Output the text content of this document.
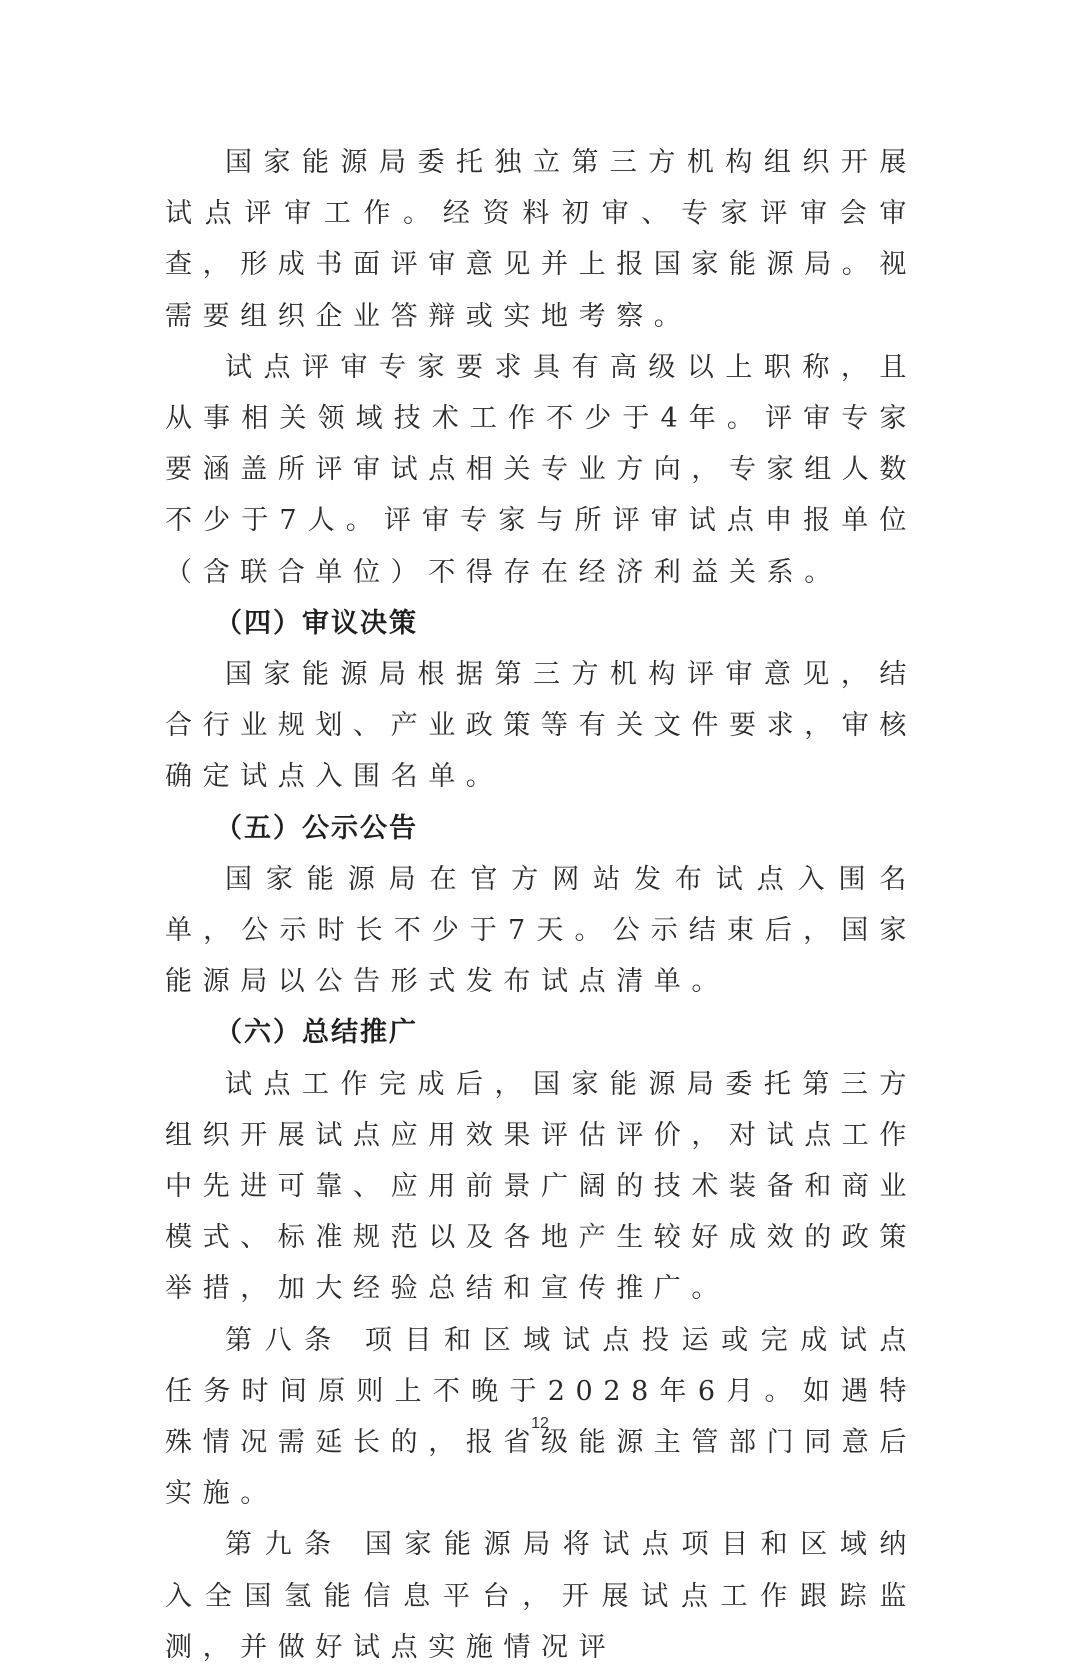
国家能源局委托独立第三方机构组织开展试点评审工作。经资料初审、专家评审会审查，形成书面评审意见并上报国家能源局。视需要组织企业答辩或实地考察。

试点评审专家要求具有高级以上职称，且从事相关领域技术工作不少于4年。评审专家要涵盖所评审试点相关专业方向，专家组人数不少于7人。评审专家与所评审试点申报单位（含联合单位）不得存在经济利益关系。

（四）审议决策

国家能源局根据第三方机构评审意见，结合行业规划、产业政策等有关文件要求，审核确定试点入围名单。

（五）公示公告

国家能源局在官方网站发布试点入围名单，公示时长不少于7天。公示结束后，国家能源局以公告形式发布试点清单。

（六）总结推广

试点工作完成后，国家能源局委托第三方组织开展试点应用效果评估评价，对试点工作中先进可靠、应用前景广阔的技术装备和商业模式、标准规范以及各地产生较好成效的政策举措，加大经验总结和宣传推广。

第八条 项目和区域试点投运或完成试点任务时间原则上不晚于2028年6月。如遇特殊情况需延长的，报省级能源主管部门同意后实施。

第九条 国家能源局将试点项目和区域纳入全国氢能信息平台，开展试点工作跟踪监测，并做好试点实施情况评

12
